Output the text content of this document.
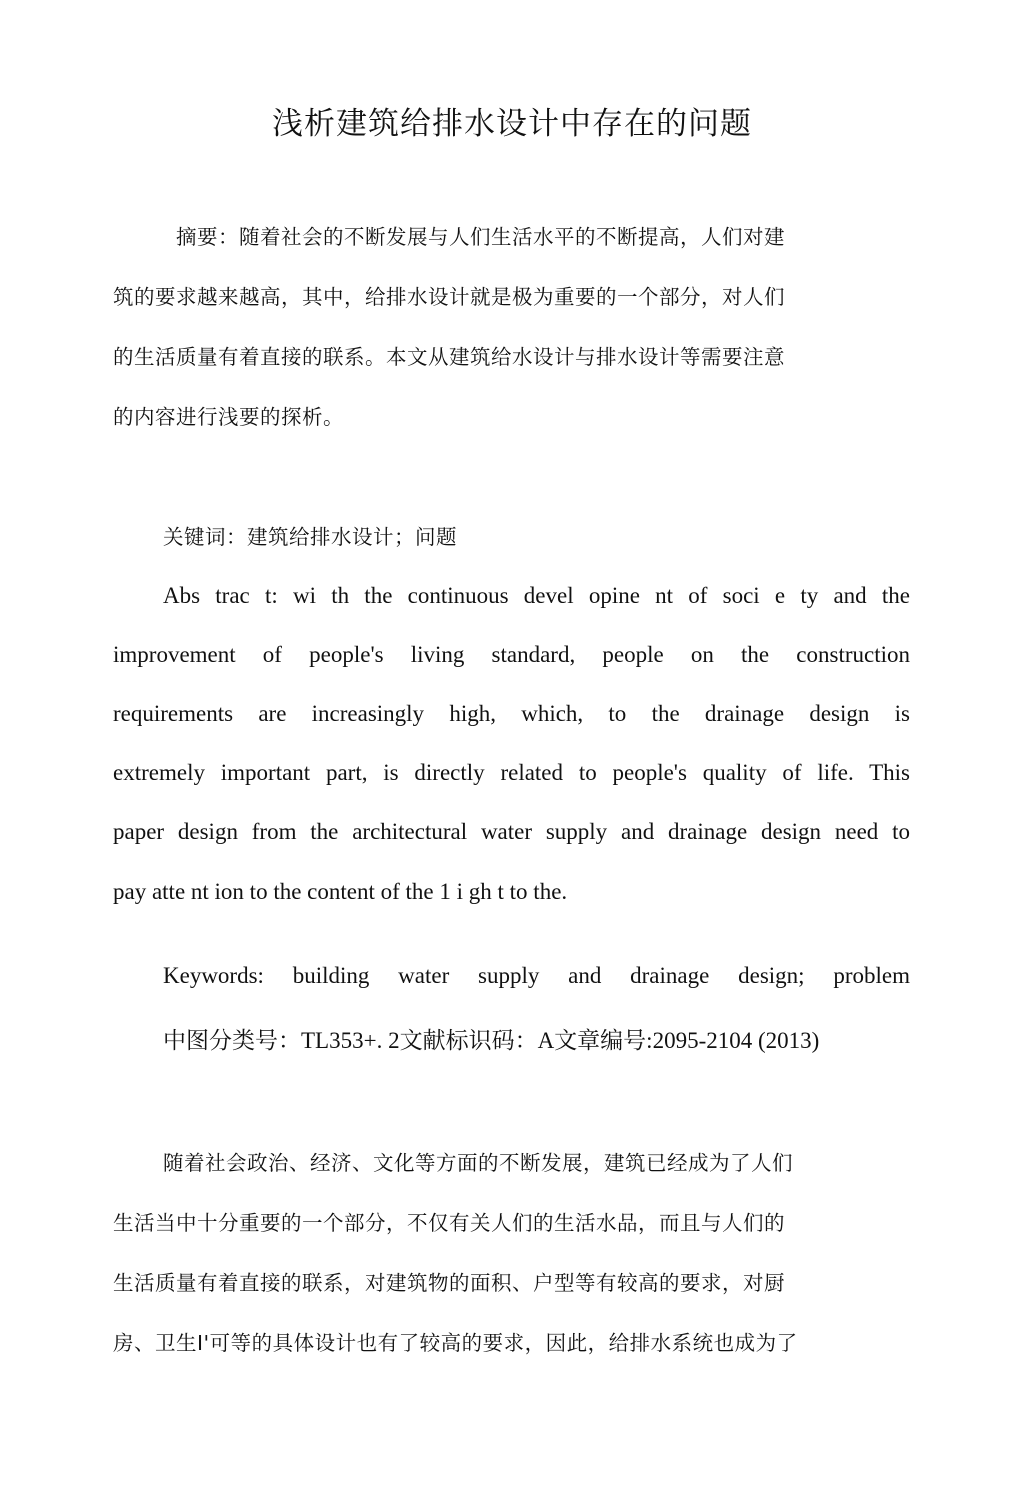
浅析建筑给排水设计中存在的问题

摘要：随着社会的不断发展与人们生活水平的不断提高，人们对建

筑的要求越来越高，其中，给排水设计就是极为重要的一个部分，对人们

的生活质量有着直接的联系。本文从建筑给水设计与排水设计等需要注意

的内容进行浅要的探析。

关键词：建筑给排水设计；问题

Abs trac t: wi th the continuous devel opine nt of soci e ty and the

improvement of people's living standard, people on the construction

requirements are increasingly high, which, to the drainage design is

extremely important part, is directly related to people's quality of life. This

paper design from the architectural water supply and drainage design need to

pay atte nt ion to the content of the 1 i gh t to the.

Keywords: building water supply and drainage design; problem

中图分类号：TL353+. 2文献标识码：A文章编号:2095-2104 (2013)

随着社会政治、经济、文化等方面的不断发展，建筑已经成为了人们

生活当中十分重要的一个部分，不仅有关人们的生活水品，而且与人们的

生活质量有着直接的联系，对建筑物的面积、户型等有较高的要求，对厨

房、卫生I'可等的具体设计也有了较高的要求，因此，给排水系统也成为了
